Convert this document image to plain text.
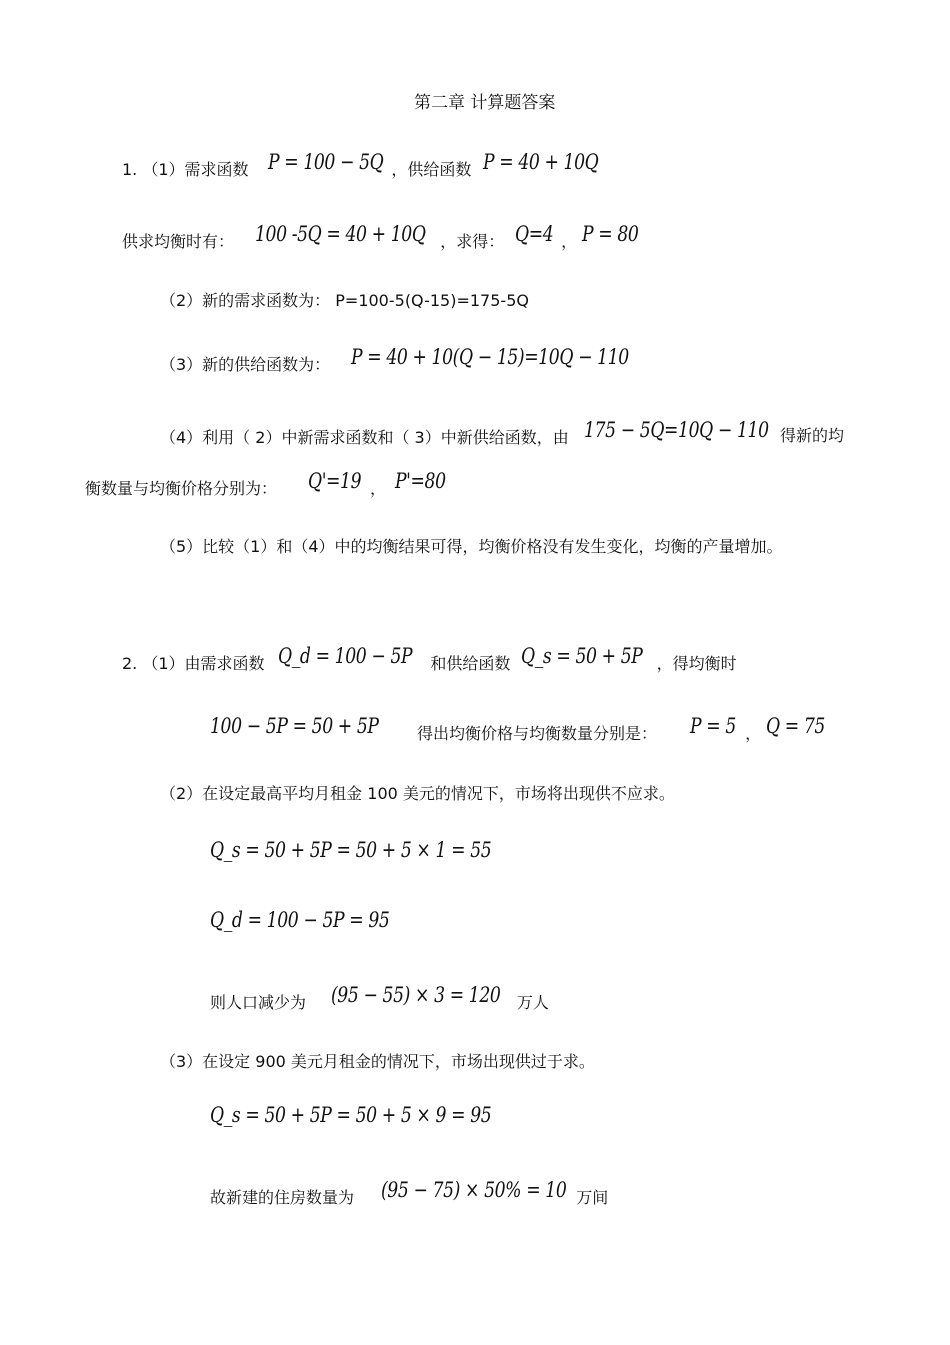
第二章 计算题答案
1. （1）需求函数 P = 100 − 5Q ，供给函数 P = 40 + 10Q
供求均衡时有： 100 -5Q = 40 + 10Q ，求得： Q=4 ， P = 80
（2）新的需求函数为： P=100-5(Q-15)=175-5Q
（3）新的供给函数为： P = 40 + 10(Q − 15)=10Q − 110
（4）利用（ 2）中新需求函数和（ 3）中新供给函数，由 175 − 5Q=10Q − 110 得新的均
衡数量与均衡价格分别为： Q'=19 ， P'=80
（5）比较（1）和（4）中的均衡结果可得，均衡价格没有发生变化，均衡的产量增加。
2. （1）由需求函数 Q_d = 100 − 5P 和供给函数 Q_s = 50 + 5P ，得均衡时
100 − 5P = 50 + 5P	得出均衡价格与均衡数量分别是： P = 5 ， Q = 75
（2）在设定最高平均月租金 100 美元的情况下，市场将出现供不应求。
Q_s = 50 + 5P = 50 + 5 × 1 = 55
Q_d = 100 − 5P = 95
则人口减少为 (95 − 55) × 3 = 120 万人
（3）在设定 900 美元月租金的情况下，市场出现供过于求。
Q_s = 50 + 5P = 50 + 5 × 9 = 95
故新建的住房数量为 (95 − 75) × 50% = 10 万间
